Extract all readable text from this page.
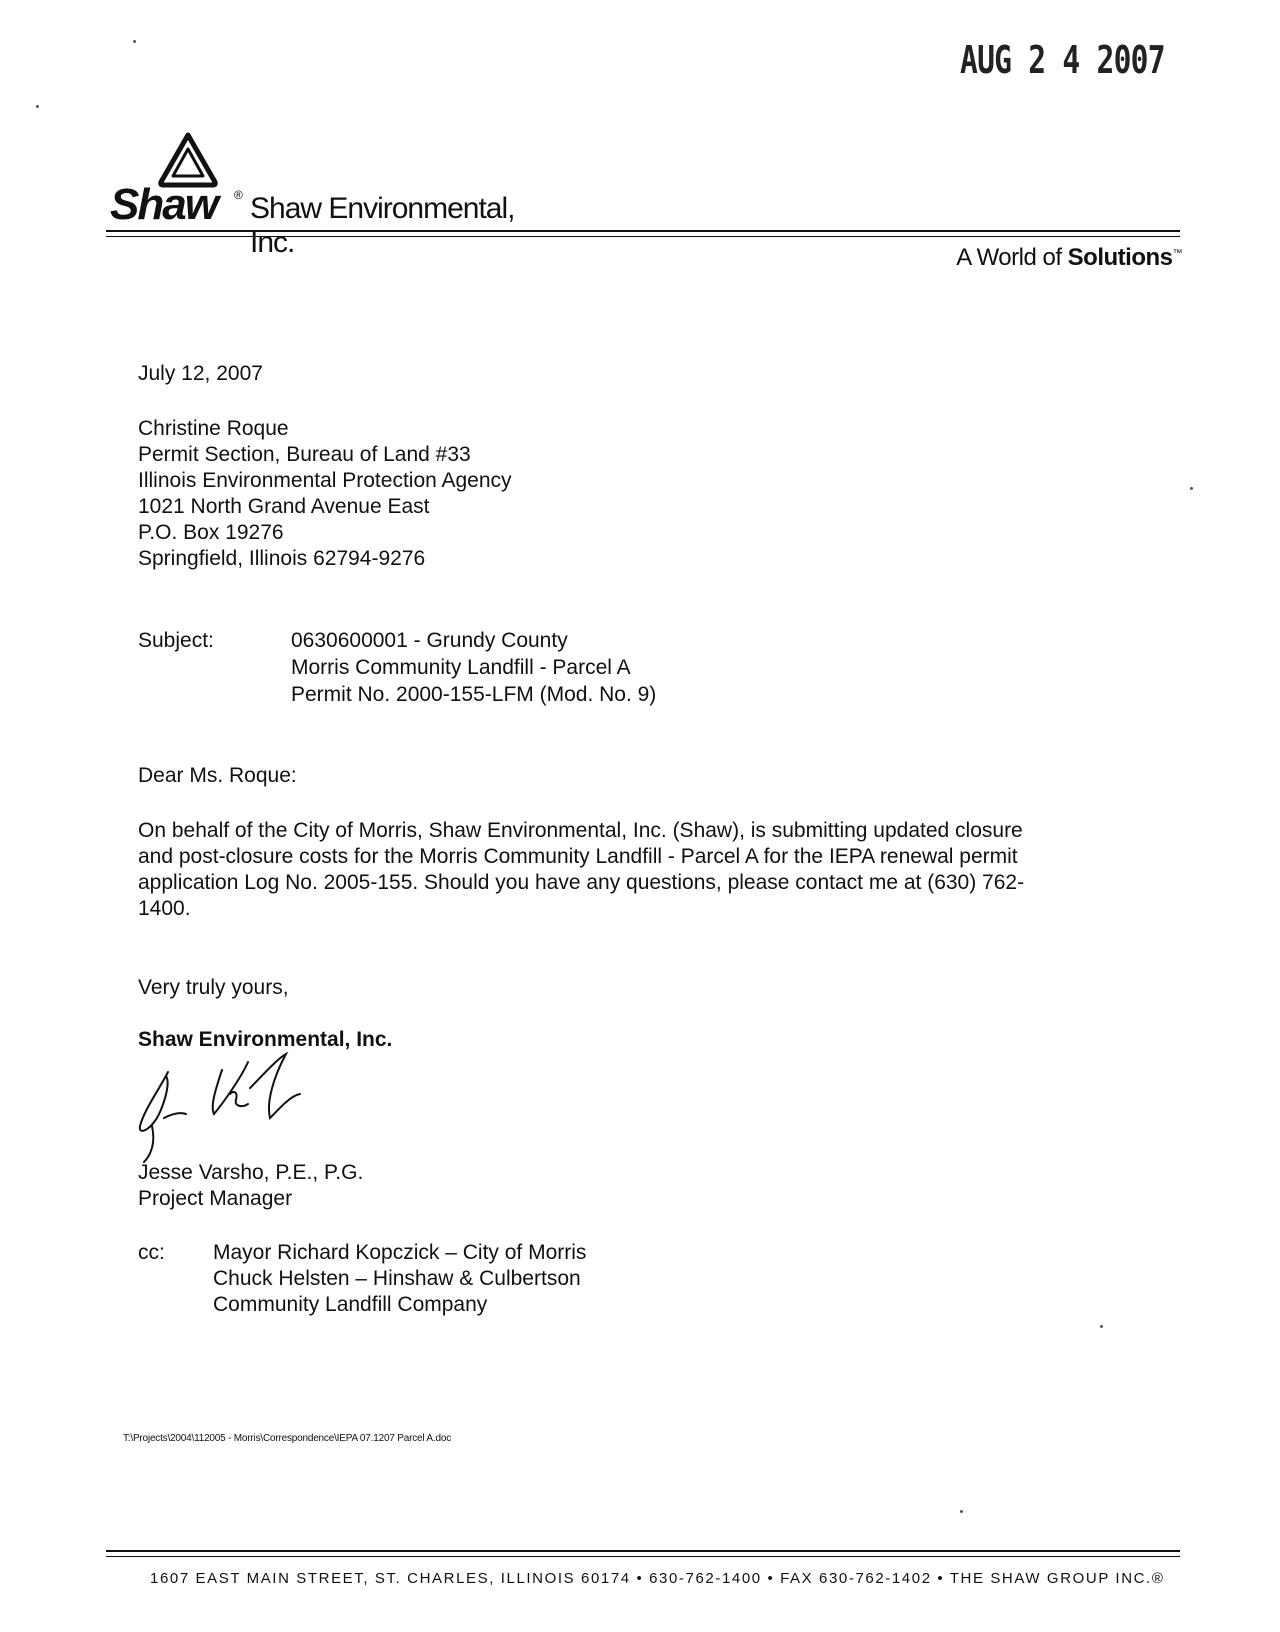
AUG 2 4 2007
Shaw ® Shaw Environmental, Inc.	A World of Solutions™
July 12, 2007
Christine Roque
Permit Section, Bureau of Land #33
Illinois Environmental Protection Agency
1021 North Grand Avenue East
P.O. Box 19276
Springfield, Illinois 62794-9276
Subject:	0630600001 - Grundy County
Morris Community Landfill - Parcel A
Permit No. 2000-155-LFM (Mod. No. 9)
Dear Ms. Roque:
On behalf of the City of Morris, Shaw Environmental, Inc. (Shaw), is submitting updated closure
and post-closure costs for the Morris Community Landfill - Parcel A for the IEPA renewal permit
application Log No. 2005-155. Should you have any questions, please contact me at (630) 762-
1400.
Very truly yours,
Shaw Environmental, Inc.
Jesse Varsho, P.E., P.G.
Project Manager
cc: Mayor Richard Kopczick – City of Morris
Chuck Helsten – Hinshaw & Culbertson
Community Landfill Company
T:\Projects\2004\112005 - Morris\Correspondence\IEPA 07.1207 Parcel A.doc
1607 EAST MAIN STREET, ST. CHARLES, ILLINOIS 60174 • 630-762-1400 • FAX 630-762-1402 • THE SHAW GROUP INC.®
